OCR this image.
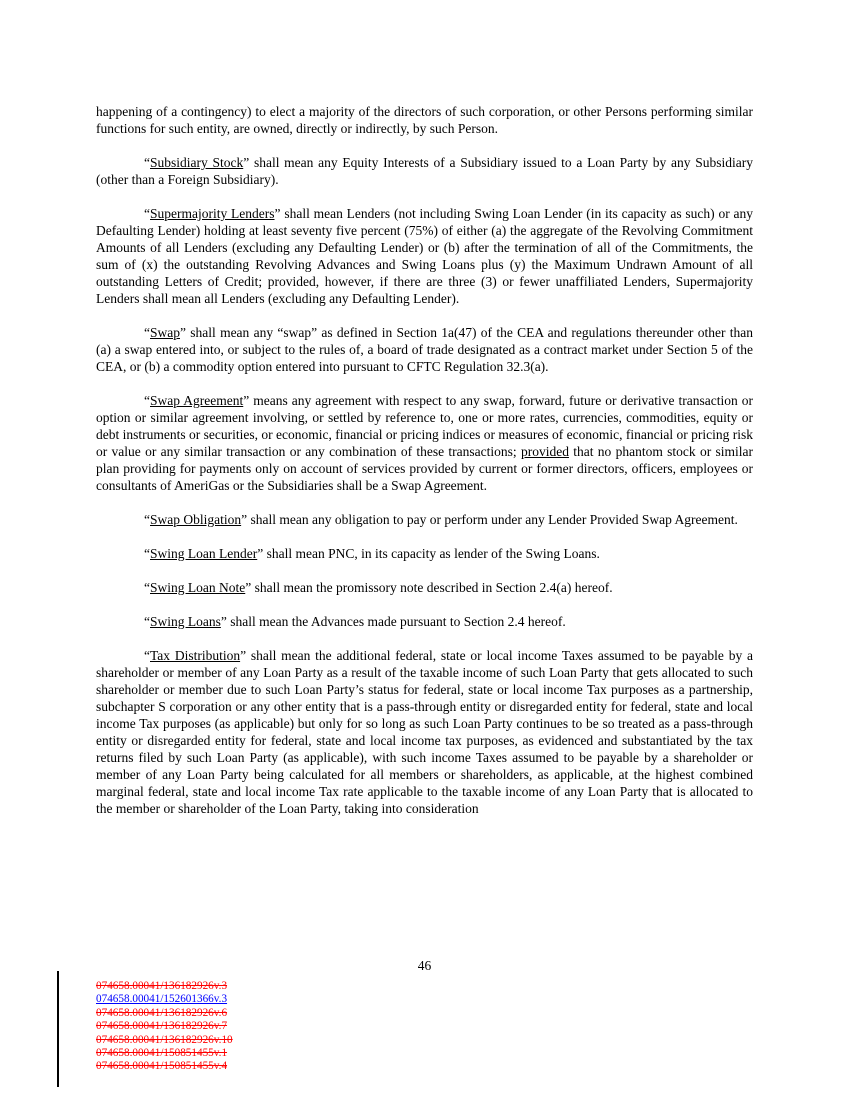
happening of a contingency) to elect a majority of the directors of such corporation, or other Persons performing similar functions for such entity, are owned, directly or indirectly, by such Person.

“Subsidiary Stock” shall mean any Equity Interests of a Subsidiary issued to a Loan Party by any Subsidiary (other than a Foreign Subsidiary).

“Supermajority Lenders” shall mean Lenders (not including Swing Loan Lender (in its capacity as such) or any Defaulting Lender) holding at least seventy five percent (75%) of either (a) the aggregate of the Revolving Commitment Amounts of all Lenders (excluding any Defaulting Lender) or (b) after the termination of all of the Commitments, the sum of (x) the outstanding Revolving Advances and Swing Loans plus (y) the Maximum Undrawn Amount of all outstanding Letters of Credit; provided, however, if there are three (3) or fewer unaffiliated Lenders, Supermajority Lenders shall mean all Lenders (excluding any Defaulting Lender).

“Swap” shall mean any “swap” as defined in Section 1a(47) of the CEA and regulations thereunder other than (a) a swap entered into, or subject to the rules of, a board of trade designated as a contract market under Section 5 of the CEA, or (b) a commodity option entered into pursuant to CFTC Regulation 32.3(a).

“Swap Agreement” means any agreement with respect to any swap, forward, future or derivative transaction or option or similar agreement involving, or settled by reference to, one or more rates, currencies, commodities, equity or debt instruments or securities, or economic, financial or pricing indices or measures of economic, financial or pricing risk or value or any similar transaction or any combination of these transactions; provided that no phantom stock or similar plan providing for payments only on account of services provided by current or former directors, officers, employees or consultants of AmeriGas or the Subsidiaries shall be a Swap Agreement.

“Swap Obligation” shall mean any obligation to pay or perform under any Lender Provided Swap Agreement.

“Swing Loan Lender” shall mean PNC, in its capacity as lender of the Swing Loans.

“Swing Loan Note” shall mean the promissory note described in Section 2.4(a) hereof.

“Swing Loans” shall mean the Advances made pursuant to Section 2.4 hereof.

“Tax Distribution” shall mean the additional federal, state or local income Taxes assumed to be payable by a shareholder or member of any Loan Party as a result of the taxable income of such Loan Party that gets allocated to such shareholder or member due to such Loan Party’s status for federal, state or local income Tax purposes as a partnership, subchapter S corporation or any other entity that is a pass-through entity or disregarded entity for federal, state and local income Tax purposes (as applicable) but only for so long as such Loan Party continues to be so treated as a pass-through entity or disregarded entity for federal, state and local income tax purposes, as evidenced and substantiated by the tax returns filed by such Loan Party (as applicable), with such income Taxes assumed to be payable by a shareholder or member of any Loan Party being calculated for all members or shareholders, as applicable, at the highest combined marginal federal, state and local income Tax rate applicable to the taxable income of any Loan Party that is allocated to the member or shareholder of the Loan Party, taking into consideration

46
074658.00041/136182926v.3
074658.00041/152601366v.3
074658.00041/136182926v.6
074658.00041/136182926v.7
074658.00041/136182926v.10
074658.00041/150851455v.1
074658.00041/150851455v.4
